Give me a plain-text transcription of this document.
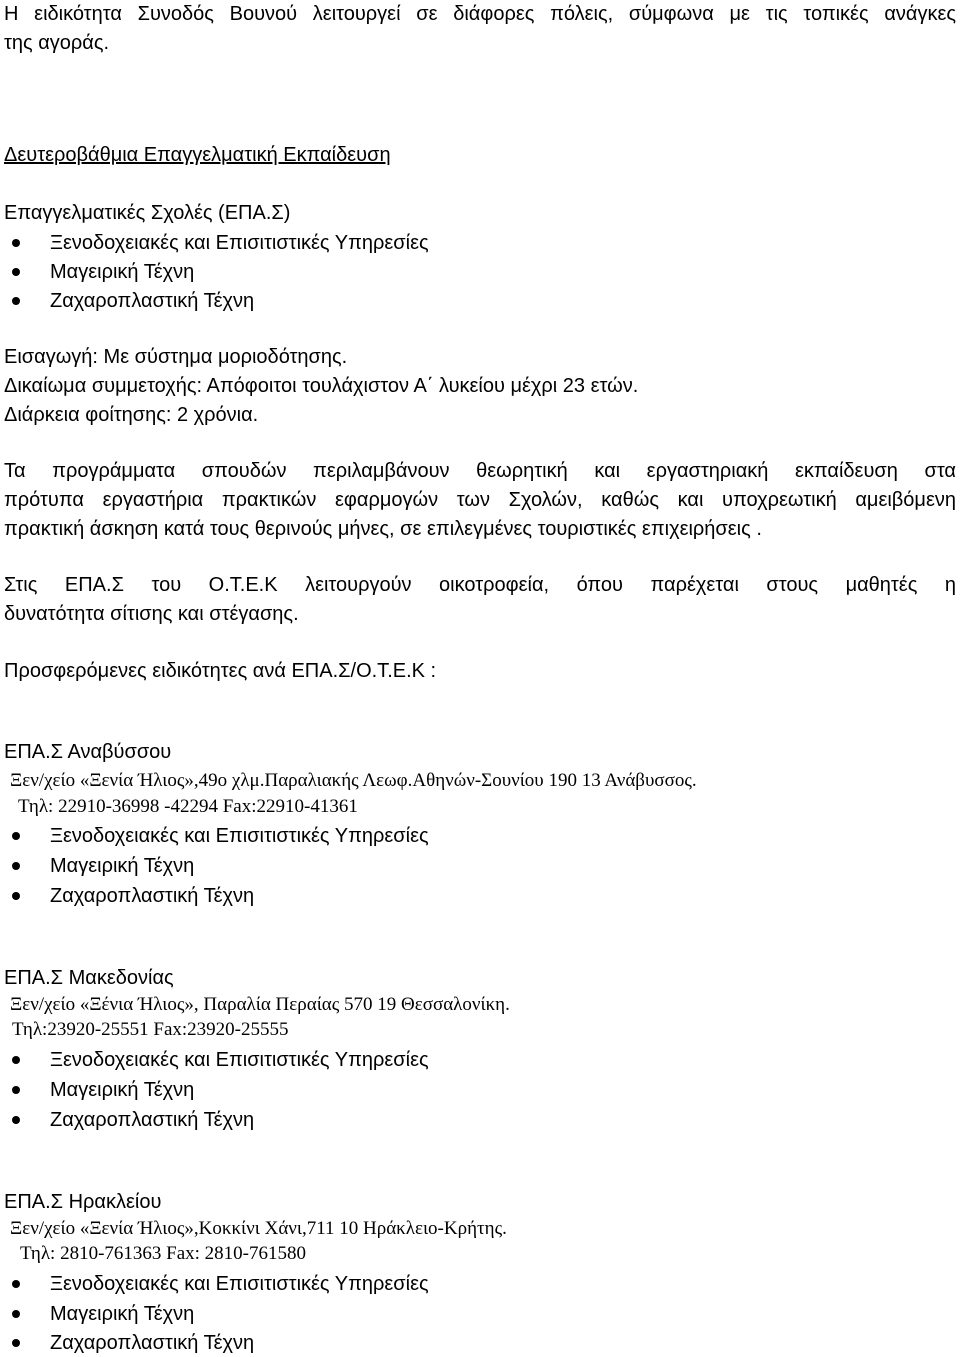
Η ειδικότητα Συνοδός Βουνού λειτουργεί σε διάφορες πόλεις, σύμφωνα με τις τοπικές ανάγκες
της αγοράς.
Δευτεροβάθμια Επαγγελματική Εκπαίδευση
Επαγγελματικές Σχολές (ΕΠΑ.Σ)
Ξενοδοχειακές και Επισιτιστικές Υπηρεσίες
Μαγειρική Τέχνη
Ζαχαροπλαστική Τέχνη
Εισαγωγή: Με σύστημα μοριοδότησης.
Δικαίωμα συμμετοχής: Απόφοιτοι τουλάχιστον Α΄ λυκείου μέχρι 23 ετών.
Διάρκεια φοίτησης: 2 χρόνια.
Τα προγράμματα σπουδών περιλαμβάνουν θεωρητική και εργαστηριακή εκπαίδευση στα
πρότυπα εργαστήρια πρακτικών εφαρμογών των Σχολών, καθώς και υποχρεωτική αμειβόμενη
πρακτική άσκηση κατά τους θερινούς μήνες, σε επιλεγμένες τουριστικές επιχειρήσεις .
Στις ΕΠΑ.Σ του Ο.Τ.Ε.Κ λειτουργούν οικοτροφεία, όπου παρέχεται στους μαθητές η
δυνατότητα σίτισης και στέγασης.
Προσφερόμενες ειδικότητες ανά ΕΠΑ.Σ/Ο.Τ.Ε.Κ :
ΕΠΑ.Σ Αναβύσσου
Ξεν/χείο «Ξενία Ήλιος»,49ο χλμ.Παραλιακής Λεωφ.Αθηνών-Σουνίου 190 13 Ανάβυσσος.
Τηλ: 22910-36998 -42294 Fax:22910-41361
Ξενοδοχειακές και Επισιτιστικές Υπηρεσίες
Μαγειρική Τέχνη
Ζαχαροπλαστική Τέχνη
ΕΠΑ.Σ Μακεδονίας
Ξεν/χείο «Ξένια Ήλιος», Παραλία Περαίας 570 19 Θεσσαλονίκη.
Τηλ:23920-25551 Fax:23920-25555
Ξενοδοχειακές και Επισιτιστικές Υπηρεσίες
Μαγειρική Τέχνη
Ζαχαροπλαστική Τέχνη
ΕΠΑ.Σ Ηρακλείου
Ξεν/χείο «Ξενία Ήλιος»,Κοκκίνι Χάνι,711 10 Ηράκλειο-Κρήτης.
Τηλ: 2810-761363 Fax: 2810-761580
Ξενοδοχειακές και Επισιτιστικές Υπηρεσίες
Μαγειρική Τέχνη
Ζαχαροπλαστική Τέχνη
